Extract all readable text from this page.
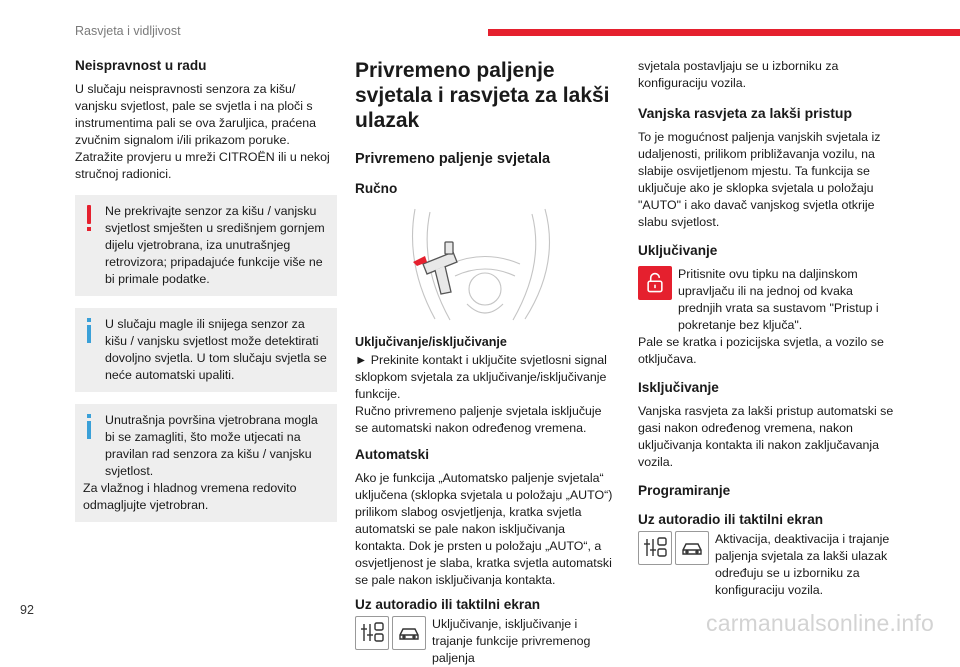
Rasvjeta i vidljivost
Neispravnost u radu

U slučaju neispravnosti senzora za kišu/ vanjsku svjetlost, pale se svjetla i na ploči s instrumentima pali se ova žaruljica, praćena zvučnim signalom i/ili prikazom poruke. Zatražite provjeru u mreži CITROËN ili u nekoj stručnoj radionici.

Ne prekrivajte senzor za kišu / vanjsku svjetlost smješten u središnjem gornjem dijelu vjetrobrana, iza unutrašnjeg retrovizora; pripadajuće funkcije više ne bi primale podatke.
U slučaju magle ili snijega senzor za kišu / vanjsku svjetlost može detektirati dovoljno svjetla. U tom slučaju svjetla se neće automatski upaliti.
Unutrašnja površina vjetrobrana mogla bi se zamagliti, što može utjecati na pravilan rad senzora za kišu / vanjsku svjetlost.
Za vlažnog i hladnog vremena redovito odmagljujte vjetrobran.
Privremeno paljenje svjetala i rasvjeta za lakši ulazak
Privremeno paljenje svjetala
Ručno
Uključivanje/isključivanje

► Prekinite kontakt i uključite svjetlosni signal sklopkom svjetala za uključivanje/isključivanje funkcije.

Ručno privremeno paljenje svjetala isključuje se automatski nakon određenog vremena.

Automatski

Ako je funkcija „Automatsko paljenje svjetala“ uključena (sklopka svjetala u položaju „AUTO“) prilikom slabog osvjetljenja, kratka svjetla automatski se pale nakon isključivanja kontakta. Dok je prsten u položaju „AUTO“, a osvjetljenost je slaba, kratka svjetla automatski se pale nakon isključivanja kontakta.

Uz autoradio ili taktilni ekran
Uključivanje, isključivanje i trajanje funkcije privremenog paljenja

svjetala postavljaju se u izborniku za konfiguraciju vozila.

Vanjska rasvjeta za lakši pristup

To je mogućnost paljenja vanjskih svjetala iz udaljenosti, prilikom približavanja vozilu, na slabije osvijetljenom mjestu. Ta funkcija se uključuje ako je sklopka svjetala u položaju "AUTO" i ako davač vanjskog svjetla otkrije slabu svjetlost.

Uključivanje
Pritisnite ovu tipku na daljinskom upravljaču ili na jednoj od kvaka prednjih vrata sa sustavom "Pristup i pokretanje bez ključa".

Pale se kratka i pozicijska svjetla, a vozilo se otključava.

Isključivanje

Vanjska rasvjeta za lakši pristup automatski se gasi nakon određenog vremena, nakon uključivanja kontakta ili nakon zaključavanja vozila.

Programiranje
Uz autoradio ili taktilni ekran
Aktivacija, deaktivacija i trajanje paljenja svjetala za lakši ulazak određuju se u izborniku za konfiguraciju vozila.
92	carmanualsonline.info
